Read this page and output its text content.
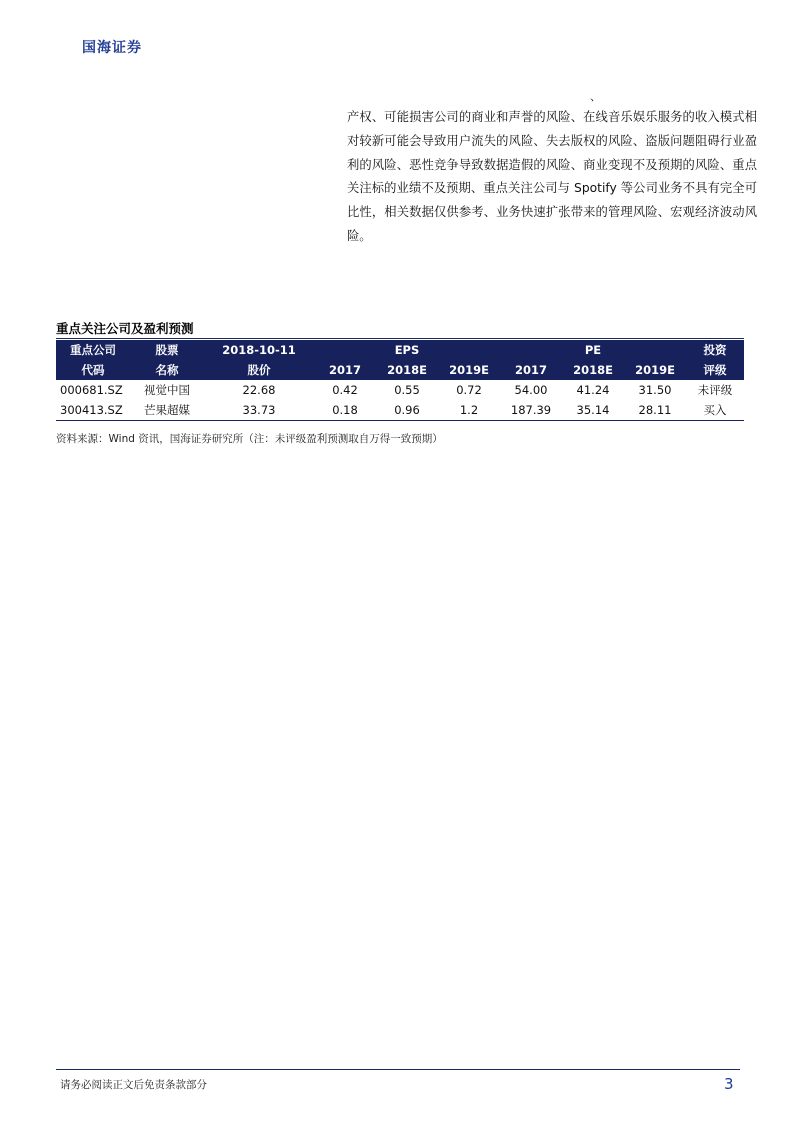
国海证券
、
产权、可能损害公司的商业和声誉的风险、在线音乐娱乐服务的收入模式相对较新可能会导致用户流失的风险、失去版权的风险、盗版问题阻碍行业盈利的风险、恶性竞争导致数据造假的风险、商业变现不及预期的风险、重点关注标的业绩不及预期、重点关注公司与 Spotify 等公司业务不具有完全可比性，相关数据仅供参考、业务快速扩张带来的管理风险、宏观经济波动风险。
重点关注公司及盈利预测
重点公司	股票	2018-10-11	EPS			PE			投资
代码	名称	股价	2017	2018E	2019E	2017	2018E	2019E	评级
000681.SZ	视觉中国	22.68	0.42	0.55	0.72	54.00	41.24	31.50	未评级
300413.SZ	芒果超媒	33.73	0.18	0.96	1.2	187.39	35.14	28.11	买入
资料来源：Wind 资讯，国海证券研究所（注：未评级盈利预测取自万得一致预期）
请务必阅读正文后免责条款部分	3
